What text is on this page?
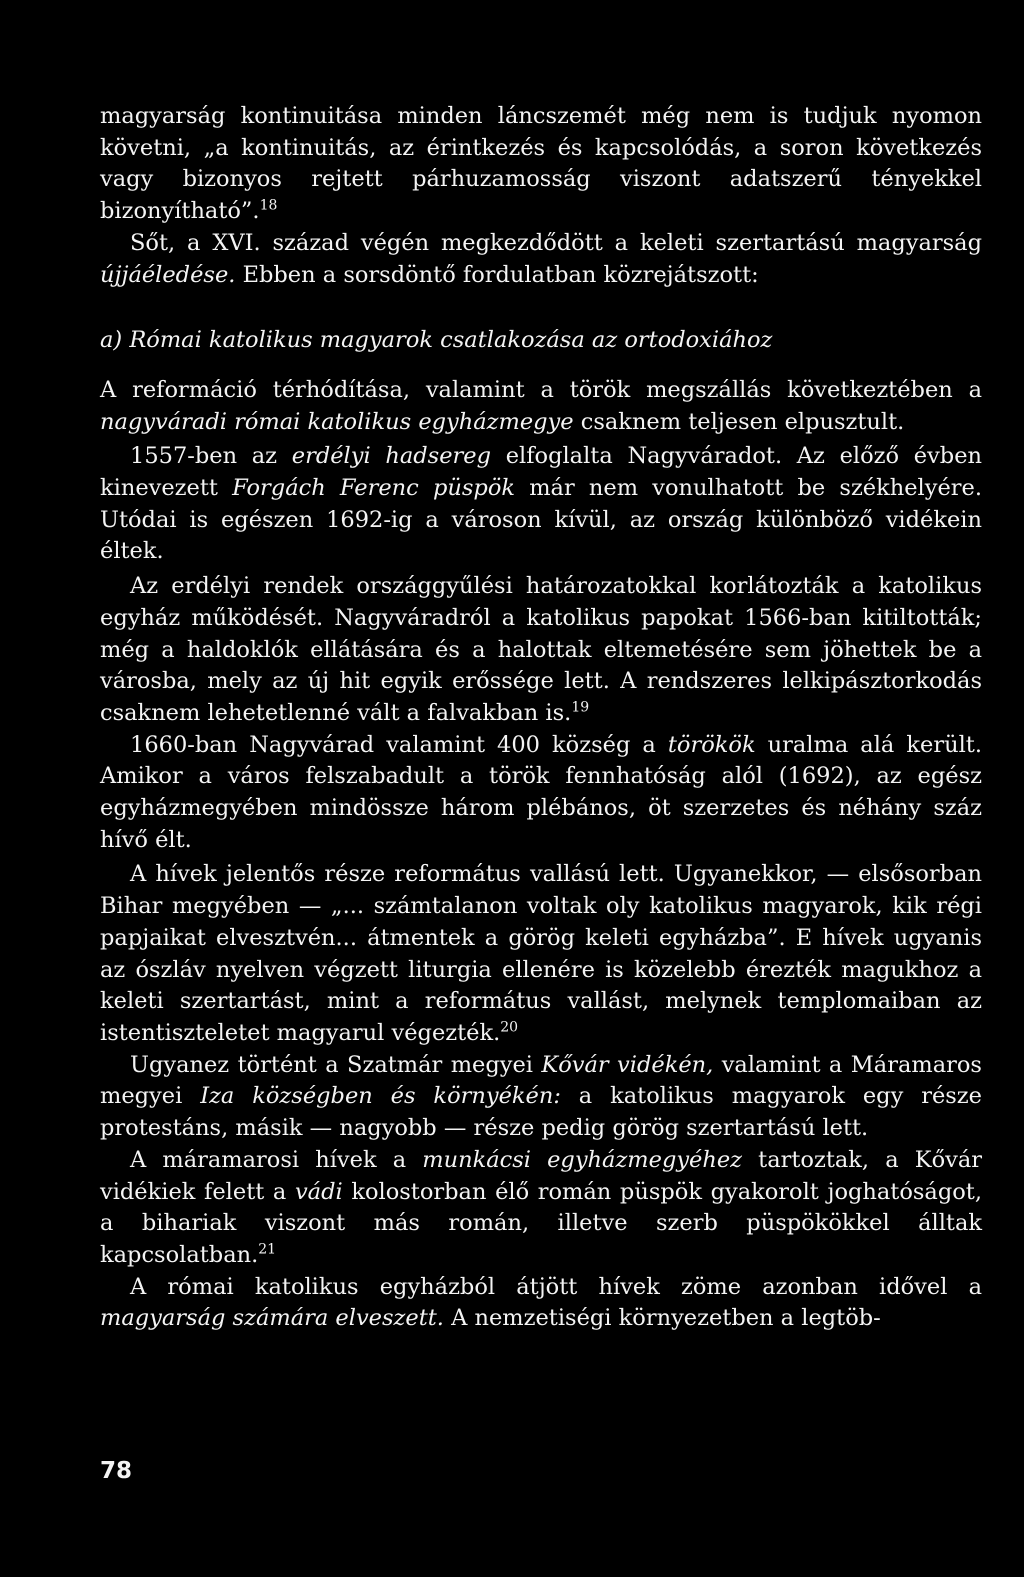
magyarság kontinuitása minden láncszemét még nem is tudjuk nyomon követni, „a kontinuitás, az érintkezés és kapcsolódás, a soron következés vagy bizonyos rejtett párhuzamosság viszont adatszerű tényekkel bizonyítható”.$^{18}$

Sőt, a XVI. század végén megkezdődött a keleti szertartású magyarság újjáéledése. Ebben a sorsdöntő fordulatban közrejátszott:

a) Római katolikus magyarok csatlakozása az ortodoxiához

A reformáció térhódítása, valamint a török megszállás következtében a nagyváradi római katolikus egyházmegye csaknem teljesen elpusztult.

1557-ben az erdélyi hadsereg elfoglalta Nagyváradot. Az előző évben kinevezett Forgách Ferenc püspök már nem vonulhatott be székhelyére. Utódai is egészen 1692-ig a városon kívül, az ország különböző vidékein éltek.

Az erdélyi rendek országgyűlési határozatokkal korlátozták a katolikus egyház működését. Nagyváradról a katolikus papokat 1566-ban kitiltották; még a haldoklók ellátására és a halottak eltemetésére sem jöhettek be a városba, mely az új hit egyik erőssége lett. A rendszeres lelkipásztorkodás csaknem lehetetlenné vált a falvakban is.$^{19}$

1660-ban Nagyvárad valamint 400 község a törökök uralma alá került. Amikor a város felszabadult a török fennhatóság alól (1692), az egész egyházmegyében mindössze három plébános, öt szerzetes és néhány száz hívő élt.

A hívek jelentős része református vallású lett. Ugyanekkor, — elsősorban Bihar megyében — „... számtalanon voltak oly katolikus magyarok, kik régi papjaikat elvesztvén... átmentek a görög keleti egyházba”. E hívek ugyanis az ószláv nyelven végzett liturgia ellenére is közelebb érezték magukhoz a keleti szertartást, mint a református vallást, melynek templomaiban az istentiszteletet magyarul végezték.$^{20}$

Ugyanez történt a Szatmár megyei Kővár vidékén, valamint a Máramaros megyei Iza községben és környékén: a katolikus magyarok egy része protestáns, másik — nagyobb — része pedig görög szertartású lett.

A máramarosi hívek a munkácsi egyházmegyéhez tartoztak, a Kővár vidékiek felett a vádi kolostorban élő román püspök gyakorolt joghatóságot, a bihariak viszont más román, illetve szerb püspökökkel álltak kapcsolatban.$^{21}$

A római katolikus egyházból átjött hívek zöme azonban idővel a magyarság számára elveszett. A nemzetiségi környezetben a legtöb-

78
